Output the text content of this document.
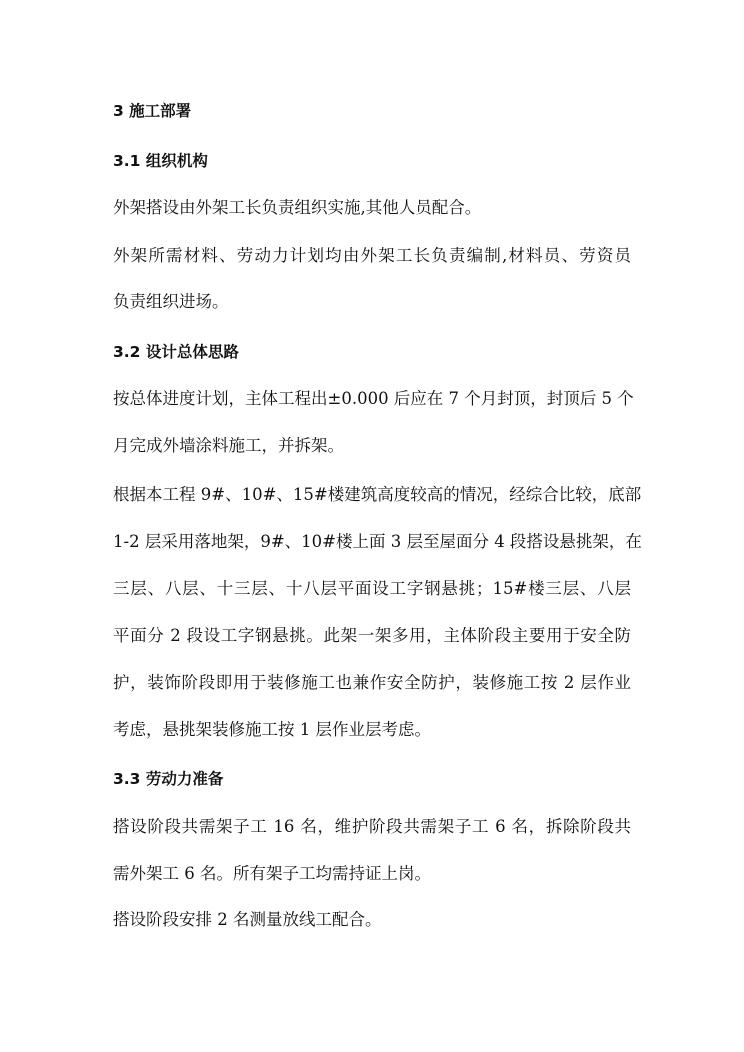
3 施工部署
3.1 组织机构
外架搭设由外架工长负责组织实施,其他人员配合。
外架所需材料、劳动力计划均由外架工长负责编制,材料员、劳资员
负责组织进场。
3.2 设计总体思路
按总体进度计划，主体工程出±0.000 后应在 7 个月封顶，封顶后 5 个
月完成外墙涂料施工，并拆架。
根据本工程 9#、10#、15#楼建筑高度较高的情况，经综合比较，底部
1-2 层采用落地架，9#、10#楼上面 3 层至屋面分 4 段搭设悬挑架，在
三层、八层、十三层、十八层平面设工字钢悬挑；15#楼三层、八层
平面分 2 段设工字钢悬挑。此架一架多用，主体阶段主要用于安全防
护，装饰阶段即用于装修施工也兼作安全防护，装修施工按 2 层作业
考虑，悬挑架装修施工按 1 层作业层考虑。
3.3 劳动力准备
搭设阶段共需架子工 16 名，维护阶段共需架子工 6 名，拆除阶段共
需外架工 6 名。所有架子工均需持证上岗。
搭设阶段安排 2 名测量放线工配合。
